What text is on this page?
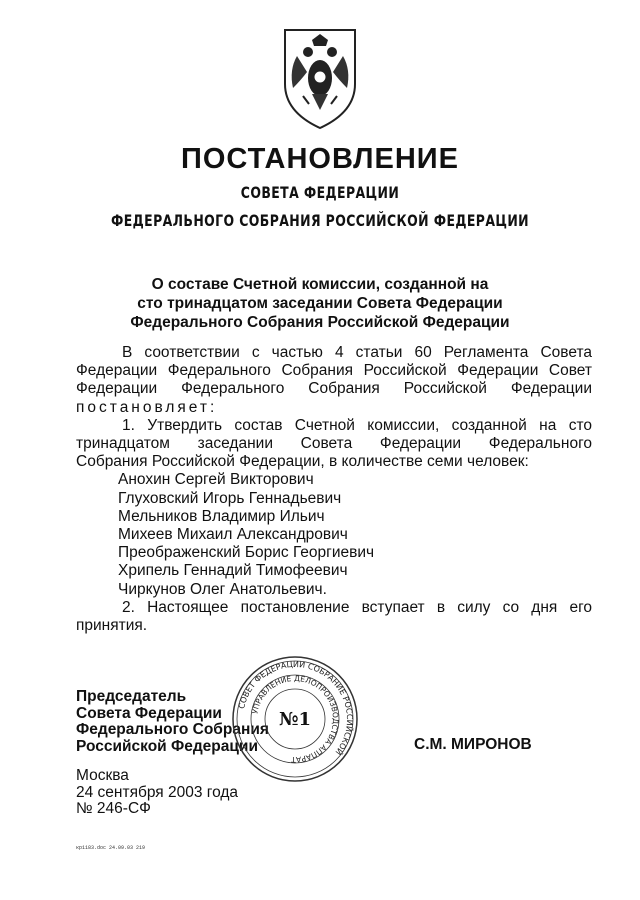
ПОСТАНОВЛЕНИЕ
СОВЕТА ФЕДЕРАЦИИ
ФЕДЕРАЛЬНОГО СОБРАНИЯ РОССИЙСКОЙ ФЕДЕРАЦИИ
О составе Счетной комиссии, созданной на
сто тринадцатом заседании Совета Федерации
Федерального Собрания Российской Федерации

В соответствии с частью 4 статьи 60 Регламента Совета

Федерации Федерального Собрания Российской Федерации Совет

Федерации Федерального Собрания Российской Федерации

постановляет:

1. Утвердить состав Счетной комиссии, созданной на сто

тринадцатом заседании Совета Федерации Федерального

Собрания Российской Федерации, в количестве семи человек:

Анохин Сергей Викторович
Глуховский Игорь Геннадьевич
Мельников Владимир Ильич
Михеев Михаил Александрович
Преображенский Борис Георгиевич
Хрипель Геннадий Тимофеевич
Чиркунов Олег Анатольевич.

2. Настоящее постановление вступает в силу со дня его

принятия.

Председатель
Совета Федерации
Федерального Собрания
Российской Федерации
СОВЕТ ФЕДЕРАЦИИ СОБРАНИЕ РОССИЙСКОЙ
УПРАВЛЕНИЕ ДЕЛОПРОИЗВОДСТВА АППАРАТ
№1
С.М. МИРОНОВ
Москва
24 сентября 2003 года
№ 246-СФ
кр1183.doc 24.09.03 219
